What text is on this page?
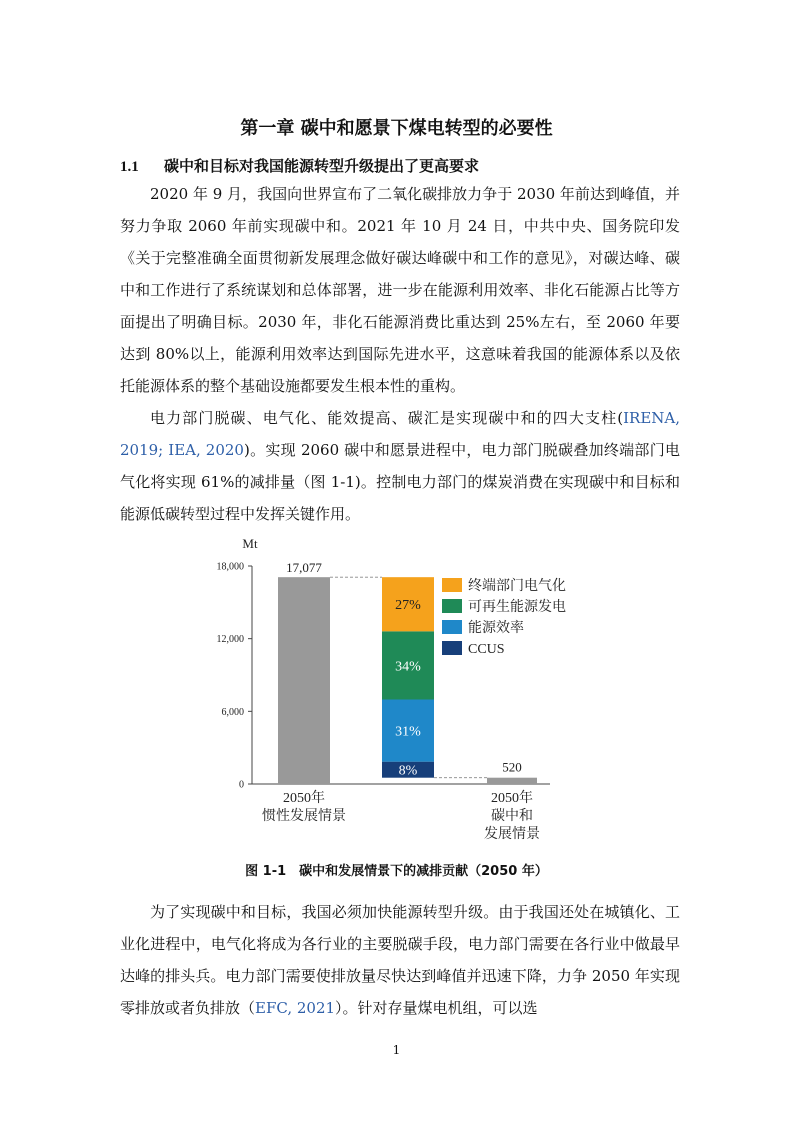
第一章 碳中和愿景下煤电转型的必要性
1.1 碳中和目标对我国能源转型升级提出了更高要求

2020 年 9 月，我国向世界宣布了二氧化碳排放力争于 2030 年前达到峰值，并努力争取 2060 年前实现碳中和。2021 年 10 月 24 日，中共中央、国务院印发《关于完整准确全面贯彻新发展理念做好碳达峰碳中和工作的意见》，对碳达峰、碳中和工作进行了系统谋划和总体部署，进一步在能源利用效率、非化石能源占比等方面提出了明确目标。2030 年，非化石能源消费比重达到 25%左右，至 2060 年要达到 80%以上，能源利用效率达到国际先进水平，这意味着我国的能源体系以及依托能源体系的整个基础设施都要发生根本性的重构。

电力部门脱碳、电气化、能效提高、碳汇是实现碳中和的四大支柱(IRENA, 2019; IEA, 2020)。实现 2060 碳中和愿景进程中，电力部门脱碳叠加终端部门电气化将实现 61%的减排量（图 1-1)。控制电力部门的煤炭消费在实现碳中和目标和能源低碳转型过程中发挥关键作用。

Mt
0
6,000
12,000
18,000	17,077
8%
31%
34%
27%
520
2050年
惯性发展情景
2050年
碳中和
发展情景
终端部门电气化
可再生能源发电
能源效率
CCUS
图 1-1　碳中和发展情景下的减排贡献（2050 年）

为了实现碳中和目标，我国必须加快能源转型升级。由于我国还处在城镇化、工业化进程中，电气化将成为各行业的主要脱碳手段，电力部门需要在各行业中做最早达峰的排头兵。电力部门需要使排放量尽快达到峰值并迅速下降，力争 2050 年实现零排放或者负排放（EFC, 2021）。针对存量煤电机组，可以选

1
